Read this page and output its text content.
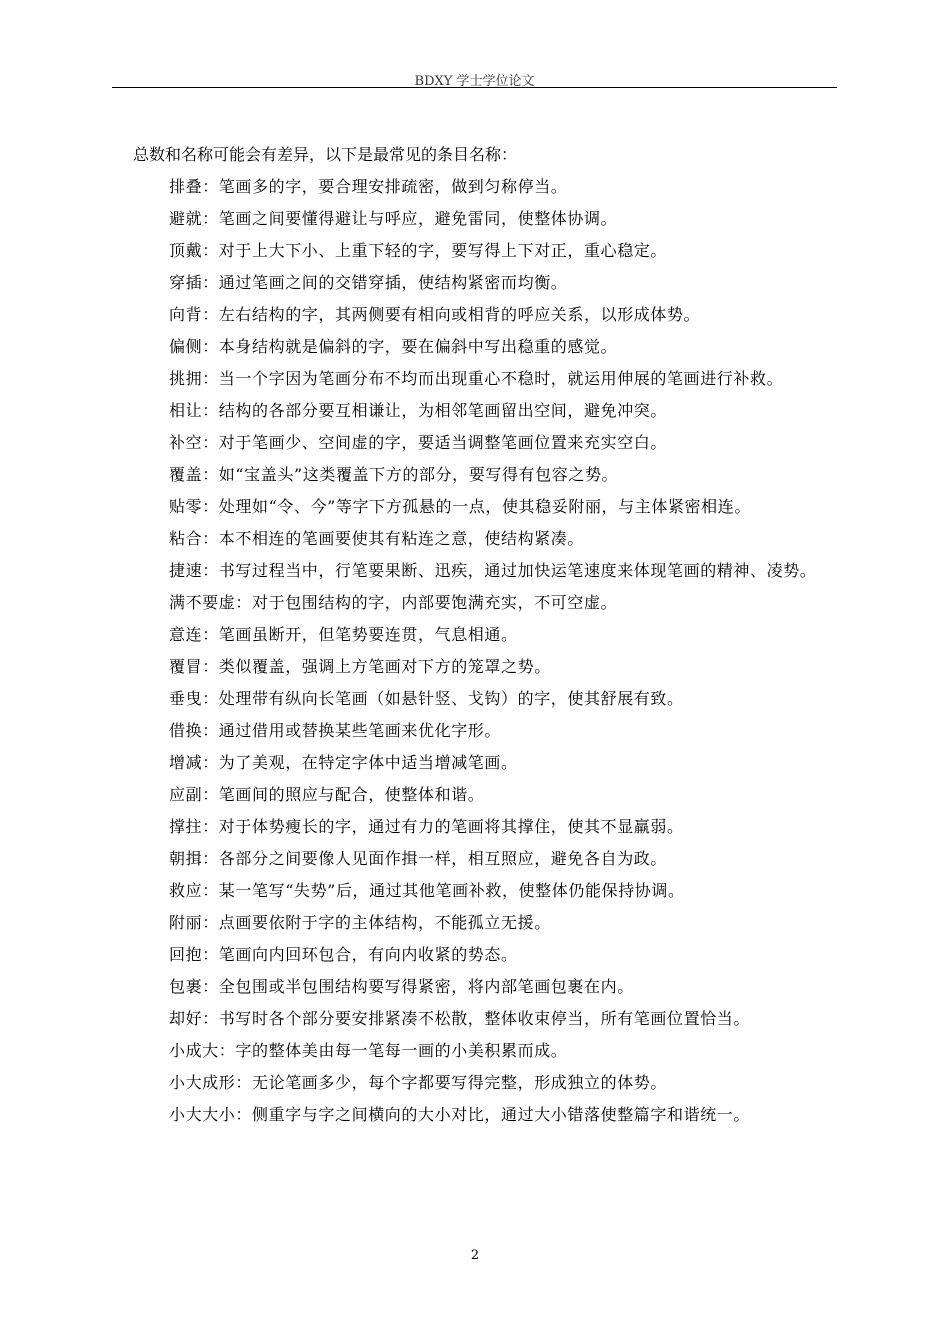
BDXY 学士学位论文

总数和名称可能会有差异，以下是最常见的条目名称：

排叠：笔画多的字，要合理安排疏密，做到匀称停当。
避就：笔画之间要懂得避让与呼应，避免雷同，使整体协调。
顶戴：对于上大下小、上重下轻的字，要写得上下对正，重心稳定。
穿插：通过笔画之间的交错穿插，使结构紧密而均衡。
向背：左右结构的字，其两侧要有相向或相背的呼应关系，以形成体势。
偏侧：本身结构就是偏斜的字，要在偏斜中写出稳重的感觉。
挑拥：当一个字因为笔画分布不均而出现重心不稳时，就运用伸展的笔画进行补救。
相让：结构的各部分要互相谦让，为相邻笔画留出空间，避免冲突。
补空：对于笔画少、空间虚的字，要适当调整笔画位置来充实空白。
覆盖：如“宝盖头”这类覆盖下方的部分，要写得有包容之势。
贴零：处理如“令、今”等字下方孤悬的一点，使其稳妥附丽，与主体紧密相连。
粘合：本不相连的笔画要使其有粘连之意，使结构紧凑。
捷速：书写过程当中，行笔要果断、迅疾，通过加快运笔速度来体现笔画的精神、凌势。
满不要虚：对于包围结构的字，内部要饱满充实，不可空虚。
意连：笔画虽断开，但笔势要连贯，气息相通。
覆冒：类似覆盖，强调上方笔画对下方的笼罩之势。
垂曳：处理带有纵向长笔画（如悬针竖、戈钩）的字，使其舒展有致。
借换：通过借用或替换某些笔画来优化字形。
增减：为了美观，在特定字体中适当增减笔画。
应副：笔画间的照应与配合，使整体和谐。
撑拄：对于体势瘦长的字，通过有力的笔画将其撑住，使其不显羸弱。
朝揖：各部分之间要像人见面作揖一样，相互照应，避免各自为政。
救应：某一笔写“失势”后，通过其他笔画补救，使整体仍能保持协调。
附丽：点画要依附于字的主体结构，不能孤立无援。
回抱：笔画向内回环包合，有向内收紧的势态。
包裹：全包围或半包围结构要写得紧密，将内部笔画包裹在内。
却好：书写时各个部分要安排紧凑不松散，整体收束停当，所有笔画位置恰当。
小成大：字的整体美由每一笔每一画的小美积累而成。
小大成形：无论笔画多少，每个字都要写得完整，形成独立的体势。
小大大小：侧重字与字之间横向的大小对比，通过大小错落使整篇字和谐统一。
2
